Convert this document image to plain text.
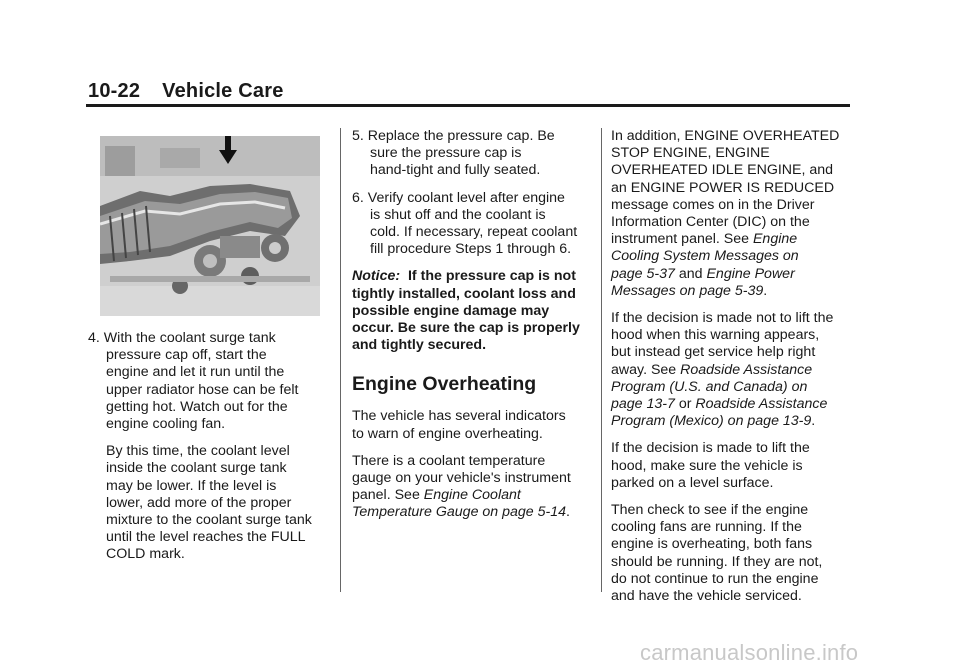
10-22 Vehicle Care
4. With the coolant surge tank
pressure cap off, start the
engine and let it run until the
upper radiator hose can be felt
getting hot. Watch out for the
engine cooling fan.
By this time, the coolant level
inside the coolant surge tank
may be lower. If the level is
lower, add more of the proper
mixture to the coolant surge tank
until the level reaches the FULL
COLD mark.
5. Replace the pressure cap. Be
sure the pressure cap is
hand-tight and fully seated.
6. Verify coolant level after engine
is shut off and the coolant is
cold. If necessary, repeat coolant
fill procedure Steps 1 through 6.
Notice: If the pressure cap is not
tightly installed, coolant loss and
possible engine damage may
occur. Be sure the cap is properly
and tightly secured.
Engine Overheating
The vehicle has several indicators
to warn of engine overheating.
There is a coolant temperature
gauge on your vehicle's instrument
panel. See Engine Coolant
Temperature Gauge on page 5-14.
In addition, ENGINE OVERHEATED
STOP ENGINE, ENGINE
OVERHEATED IDLE ENGINE, and
an ENGINE POWER IS REDUCED
message comes on in the Driver
Information Center (DIC) on the
instrument panel. See Engine
Cooling System Messages on
page 5-37 and Engine Power
Messages on page 5-39.
If the decision is made not to lift the
hood when this warning appears,
but instead get service help right
away. See Roadside Assistance
Program (U.S. and Canada) on
page 13-7 or Roadside Assistance
Program (Mexico) on page 13-9.
If the decision is made to lift the
hood, make sure the vehicle is
parked on a level surface.
Then check to see if the engine
cooling fans are running. If the
engine is overheating, both fans
should be running. If they are not,
do not continue to run the engine
and have the vehicle serviced.
carmanualsonline.info
